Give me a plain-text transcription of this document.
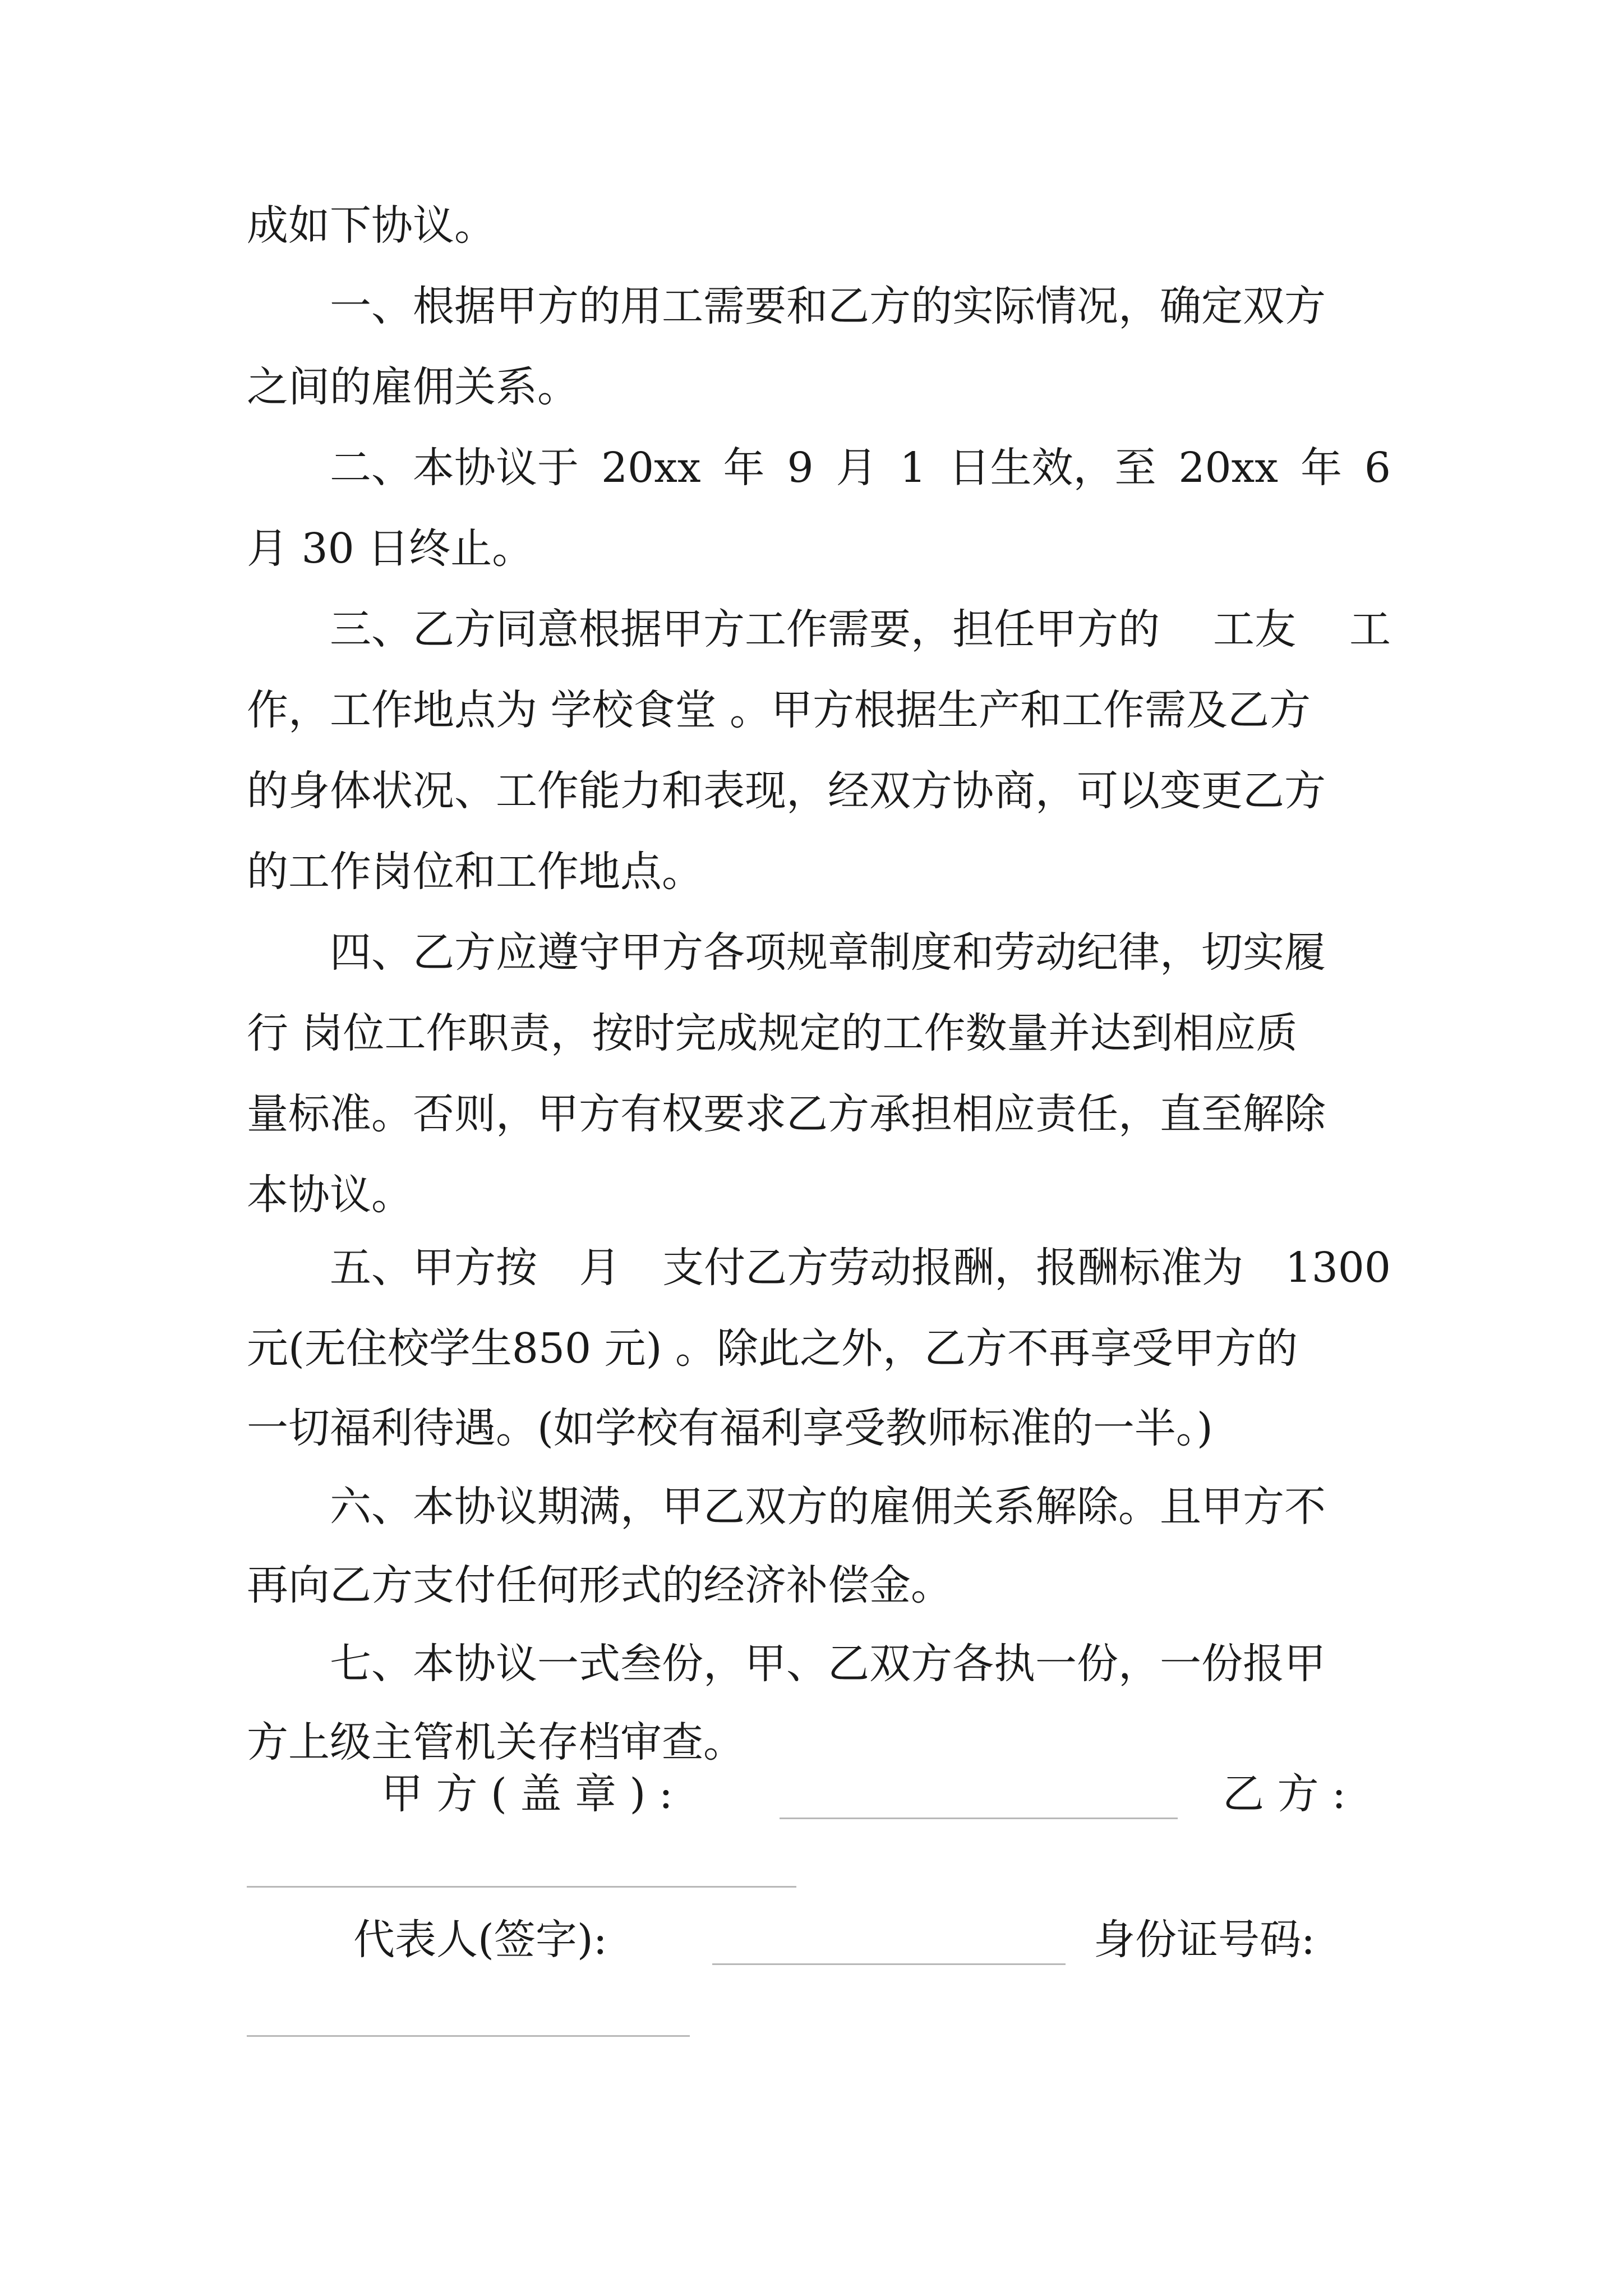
成如下协议。
　　一、根据甲方的用工需要和乙方的实际情况，确定双方
之间的雇佣关系。
　　二、本协议于 20xx 年 9 月 1 日生效，至 20xx 年 6
月 30 日终止。
　　三、乙方同意根据甲方工作需要，担任甲方的 工友 工
作，工作地点为 学校食堂 。甲方根据生产和工作需及乙方
的身体状况、工作能力和表现，经双方协商，可以变更乙方
的工作岗位和工作地点。
　　四、乙方应遵守甲方各项规章制度和劳动纪律，切实履
行 岗位工作职责，按时完成规定的工作数量并达到相应质
量标准。否则，甲方有权要求乙方承担相应责任，直至解除
本协议。
　　五、甲方按 月 支付乙方劳动报酬，报酬标准为 1300
元(无住校学生850 元) 。除此之外，乙方不再享受甲方的
一切福利待遇。(如学校有福利享受教师标准的一半。)
　　六、本协议期满，甲乙双方的雇佣关系解除。且甲方不
再向乙方支付任何形式的经济补偿金。
　　七、本协议一式叁份，甲、乙双方各执一份，一份报甲
方上级主管机关存档审查。
甲 方 ( 盖 章 ) :	乙 方 :
代表人(签字):	身份证号码:
